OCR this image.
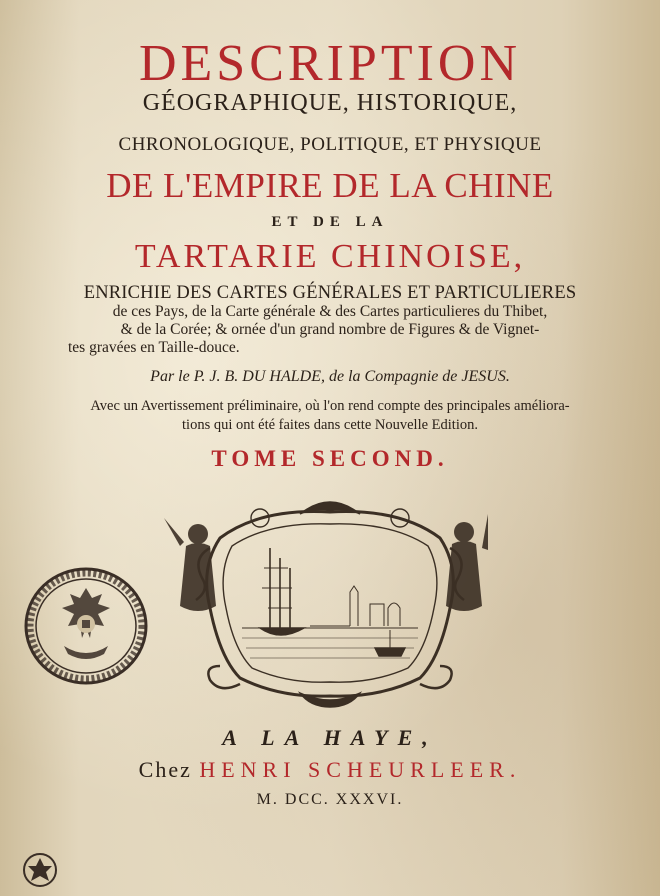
DESCRIPTION
GÉOGRAPHIQUE, HISTORIQUE,
CHRONOLOGIQUE, POLITIQUE, ET PHYSIQUE
DE L'EMPIRE DE LA CHINE
ET DE LA
TARTARIE CHINOISE,
ENRICHIE DES CARTES GÉNÉRALES ET PARTICULIERES
de ces Pays, de la Carte générale & des Cartes particulieres du Thibet,
& de la Corée; & ornée d'un grand nombre de Figures & de Vignet-
tes gravées en Taille-douce.
Par le P. J. B. DU HALDE, de la Compagnie de JESUS.
Avec un Avertissement préliminaire, où l'on rend compte des principales améliora-
tions qui ont été faites dans cette Nouvelle Edition.
TOME SECOND.
A LA HAYE,
Chez HENRI SCHEURLEER.
M. DCC. XXXVI.
